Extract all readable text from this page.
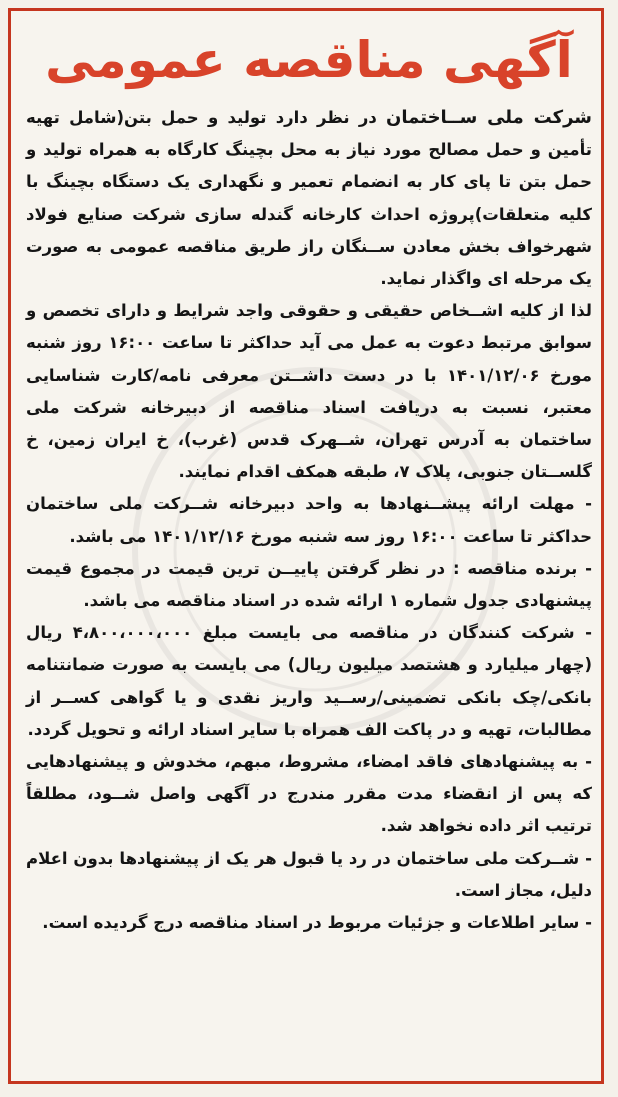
آگهی مناقصه عمومی

شرکت ملی ســاختمان در نظر دارد تولید و حمل بتن(شامل تهیه تأمین و حمل مصالح مورد نیاز به محل بچینگ کارگاه به همراه تولید و حمل بتن تا پای کار به انضمام تعمیر و نگهداری یک دستگاه بچینگ با کلیه متعلقات)پروژه احداث کارخانه گندله سازی شرکت صنایع فولاد شهرخواف بخش معادن ســنگان راز طریق مناقصه عمومی به صورت یک مرحله ای واگذار نماید.

لذا از کلیه اشــخاص حقیقی و حقوقی واجد شرایط و دارای تخصص و سوابق مرتبط دعوت به عمل می آید حداکثر تا ساعت ۱۶:۰۰ روز شنبه مورخ ۱۴۰۱/۱۲/۰۶ با در دست داشــتن معرفی نامه/کارت شناسایی معتبر، نسبت به دریافت اسناد مناقصه از دبیرخانه شرکت ملی ساختمان به آدرس تهران، شــهرک قدس (غرب)، خ ایران زمین، خ گلســتان جنوبی، پلاک ۷، طبقه همکف اقدام نمایند.

- مهلت ارائه پیشــنهادها به واحد دبیرخانه شــرکت ملی ساختمان حداکثر تا ساعت ۱۶:۰۰ روز سه شنبه مورخ ۱۴۰۱/۱۲/۱۶ می باشد.

- برنده مناقصه : در نظر گرفتن پاییــن ترین قیمت در مجموع قیمت پیشنهادی جدول شماره ۱ ارائه شده در اسناد مناقصه می باشد.

- شرکت کنندگان در مناقصه می بایست مبلغ ۴،۸۰۰،۰۰۰،۰۰۰ ریال (چهار میلیارد و هشتصد میلیون ریال) می بایست به صورت ضمانتنامه بانکی/چک بانکی تضمینی/رســید واریز نقدی و یا گواهی کســر از مطالبات، تهیه و در پاکت الف همراه با سایر اسناد ارائه و تحویل گردد.

- به پیشنهادهای فاقد امضاء، مشروط، مبهم، مخدوش و پیشنهادهایی که پس از انقضاء مدت مقرر مندرج در آگهی واصل شــود، مطلقاً ترتیب اثر داده نخواهد شد.

- شــرکت ملی ساختمان در رد یا قبول هر یک از پیشنهادها بدون اعلام دلیل، مجاز است.

- سایر اطلاعات و جزئیات مربوط در اسناد مناقصه درج گردیده است.
